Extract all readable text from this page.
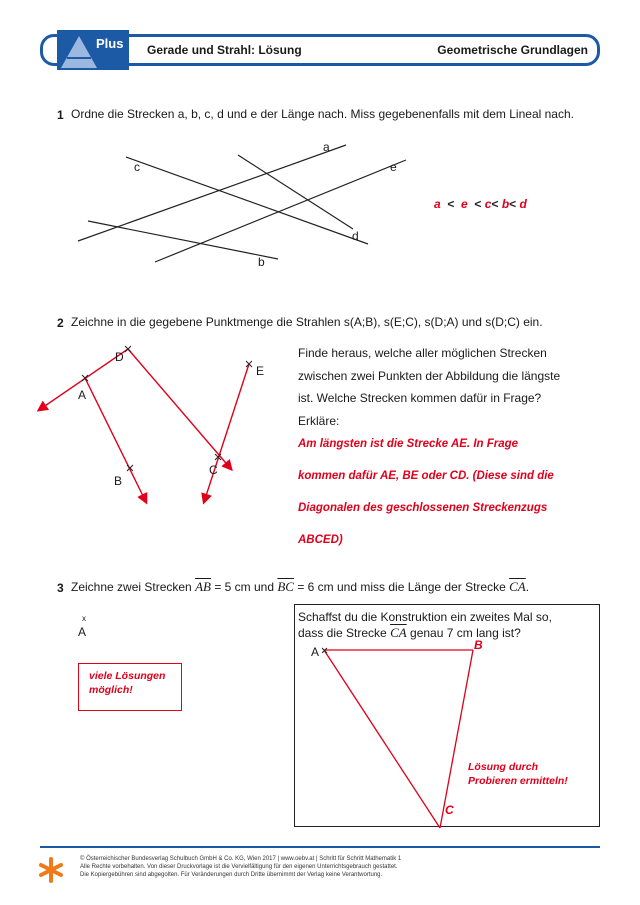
Plus Gerade und Strahl: Lösung	Geometrische Grundlagen
1 Ordne die Strecken a, b, c, d und e der Länge nach. Miss gegebenenfalls mit dem Lineal nach.
a
b
c
d
e
a < e < c< b< d
2 Zeichne in die gegebene Punktmenge die Strahlen s(A;B), s(E;C), s(D;A) und s(D;C) ein.
A
B
C
D
E
Finde heraus, welche aller möglichen Strecken
zwischen zwei Punkten der Abbildung die längste
ist. Welche Strecken kommen dafür in Frage?
Erkläre:
Am längsten ist die Strecke AE. In Frage
kommen dafür AE, BE oder CD. (Diese sind die
Diagonalen des geschlossenen Streckenzugs
ABCED)
3 Zeichne zwei Strecken $\overline{AB} = 5$ cm und $\overline{BC} = 6$ cm und miss die Länge der Strecke $\overline{CA}$.
x
A
viele Lösungen
möglich!
Schaffst du die Konstruktion ein zweites Mal so,
dass die Strecke $\overline{CA}$ genau 7 cm lang ist?
A	B
C
Lösung durch
Probieren ermitteln!
© Österreichischer Bundesverlag Schulbuch GmbH & Co. KG, Wien 2017 | www.oebv.at | Schritt für Schritt Mathematik 1
Alle Rechte vorbehalten. Von dieser Druckvorlage ist die Vervielfältigung für den eigenen Unterrichtsgebrauch gestattet.
Die Kopiergebühren sind abgegolten. Für Veränderungen durch Dritte übernimmt der Verlag keine Verantwortung.
